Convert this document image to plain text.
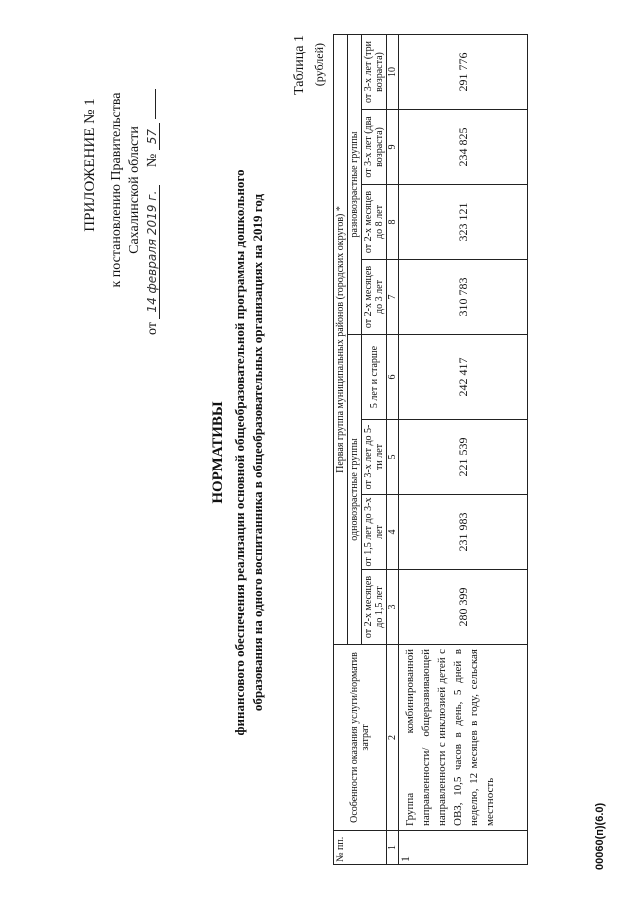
ПРИЛОЖЕНИЕ № 1 к постановлению Правительства Сахалинской области
от 14 февраля 2019 г.     № 57
НОРМАТИВЫ финансового обеспечения реализации основной общеобразовательной программы дошкольного образования на одного воспитанника в общеобразовательных организациях на 2019 год
Таблица 1 (рублей)
№ пп.	Особенности оказания услуги/норматив затрат	Первая группа муниципальных районов (городских округов) *							
		одновозрастные группы				разновозрастные группы			
		от 2-х месяцев до 1,5 лет	от 1,5 лет до 3-х лет	от 3-х лет до 5-ти лет	5 лет и старше	от 2-х месяцев до 3 лет	от 2-х месяцев до 8 лет	от 3-х лет (два возраста)	от 3-х лет (три возраста)
1	2	3	4	5	6	7	8	9	10
1	Группа комбинированной направленности/ общеразвивающей направленности с инклюзией детей с ОВЗ, 10,5 часов в день, 5 дней в неделю, 12 месяцев в году, сельская местность	280 399	231 983	221 539	242 417	310 783	323 121	234 825	291 776
00060(п)(6.0)
